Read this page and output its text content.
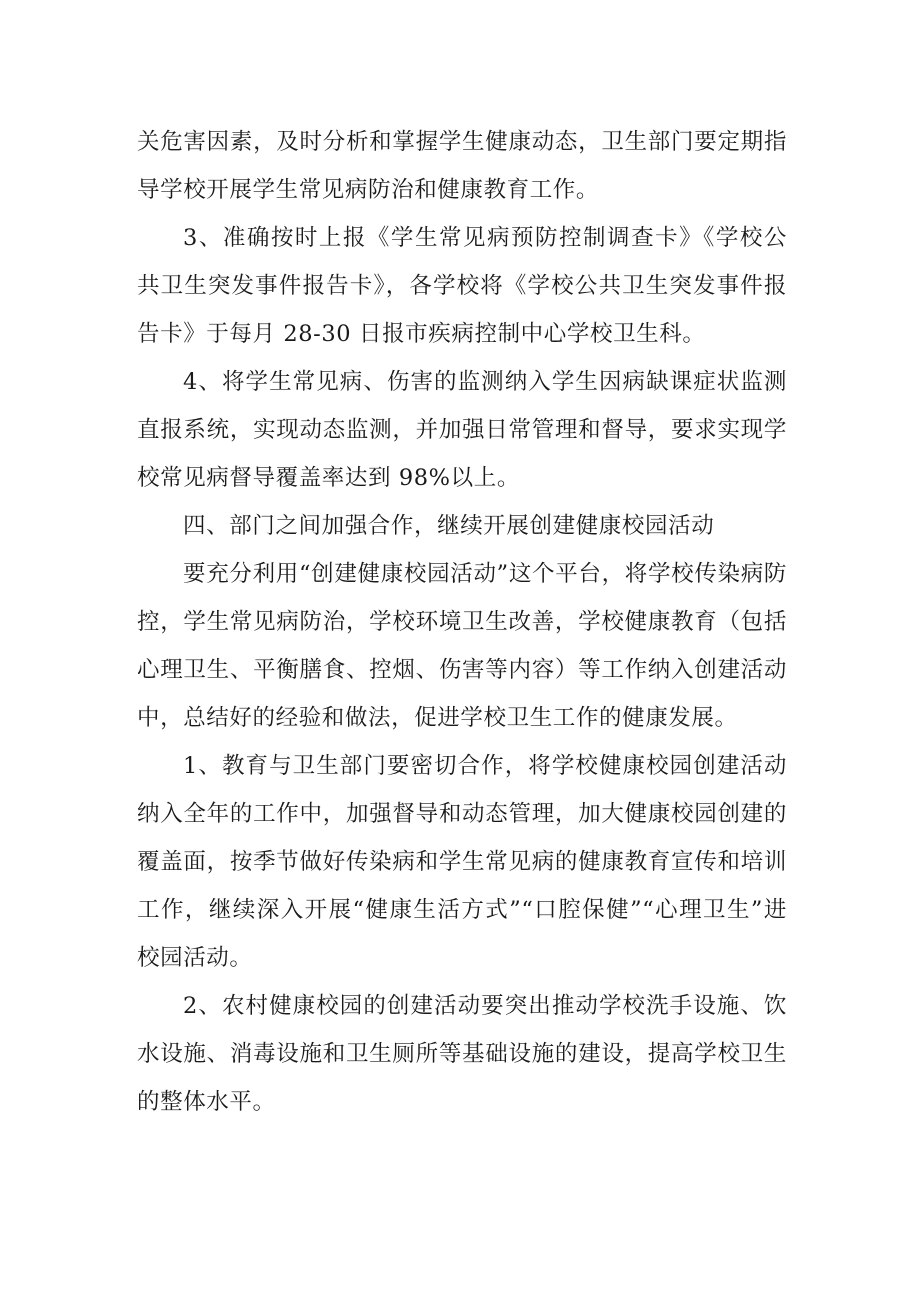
关危害因素，及时分析和掌握学生健康动态，卫生部门要定期指导学校开展学生常见病防治和健康教育工作。

3、准确按时上报《学生常见病预防控制调查卡》《学校公共卫生突发事件报告卡》，各学校将《学校公共卫生突发事件报告卡》于每月 28-30 日报市疾病控制中心学校卫生科。

4、将学生常见病、伤害的监测纳入学生因病缺课症状监测直报系统，实现动态监测，并加强日常管理和督导，要求实现学校常见病督导覆盖率达到 98%以上。

四、部门之间加强合作，继续开展创建健康校园活动

要充分利用“创建健康校园活动”这个平台，将学校传染病防控，学生常见病防治，学校环境卫生改善，学校健康教育（包括心理卫生、平衡膳食、控烟、伤害等内容）等工作纳入创建活动中，总结好的经验和做法，促进学校卫生工作的健康发展。

1、教育与卫生部门要密切合作，将学校健康校园创建活动纳入全年的工作中，加强督导和动态管理，加大健康校园创建的覆盖面，按季节做好传染病和学生常见病的健康教育宣传和培训工作，继续深入开展“健康生活方式”“口腔保健”“心理卫生”进校园活动。

2、农村健康校园的创建活动要突出推动学校洗手设施、饮水设施、消毒设施和卫生厕所等基础设施的建设，提高学校卫生的整体水平。
